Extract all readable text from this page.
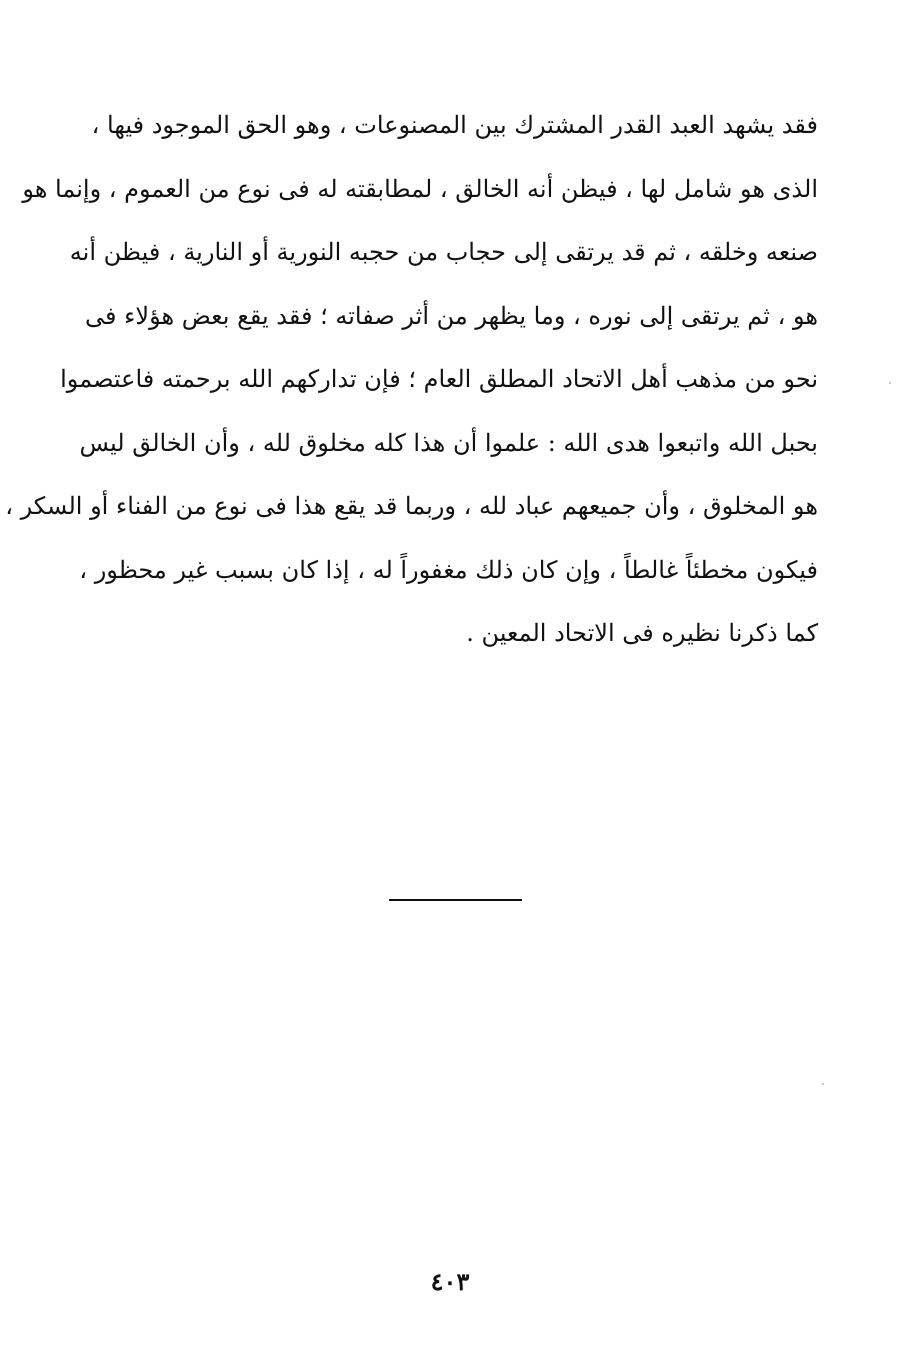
فقد يشهد العبد القدر المشترك بين المصنوعات ، وهو الحق الموجود فيها ،
الذى هو شامل لها ، فيظن أنه الخالق ، لمطابقته له فى نوع من العموم ، وإنما هو
صنعه وخلقه ، ثم قد يرتقى إلى حجاب من حجبه النورية أو النارية ، فيظن أنه
هو ، ثم يرتقى إلى نوره ، وما يظهر من أثر صفاته ؛ فقد يقع بعض هؤلاء فى
نحو من مذهب أهل الاتحاد المطلق العام ؛ فإن تداركهم الله برحمته فاعتصموا
بحبل الله واتبعوا هدى الله : علموا أن هذا كله مخلوق لله ، وأن الخالق ليس
هو المخلوق ، وأن جميعهم عباد لله ، وربما قد يقع هذا فى نوع من الفناء أو السكر ،
فيكون مخطئاً غالطاً ، وإن كان ذلك مغفوراً له ، إذا كان بسبب غير محظور ،
كما ذكرنا نظيره فى الاتحاد المعين .
٤٠٣
